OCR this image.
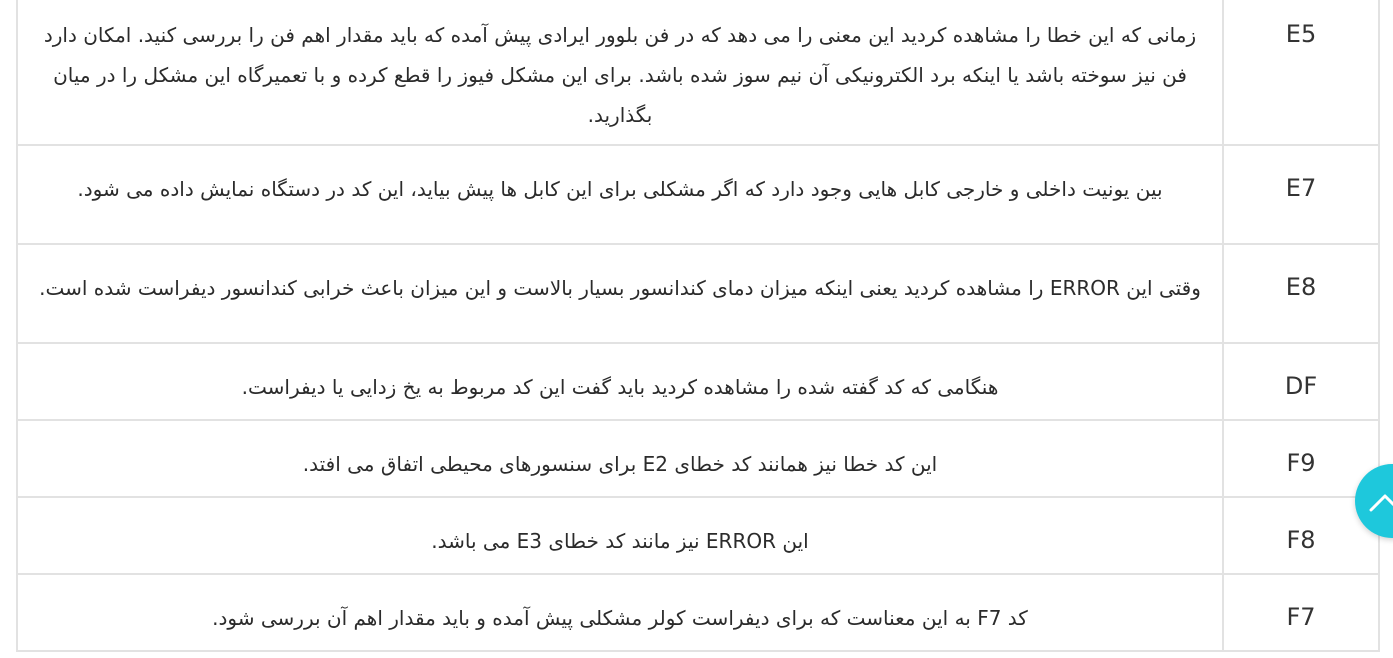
زمانی که این خطا را مشاهده کردید این معنی را می دهد که در فن بلوور ایرادی پیش آمده که باید مقدار اهم فن را بررسی کنید. امکان دارد فن نیز سوخته باشد یا اینکه برد الکترونیکی آن نیم سوز شده باشد. برای این مشکل فیوز را قطع کرده و با تعمیرگاه این مشکل را در میان بگذارید.	E5
بین یونیت داخلی و خارجی کابل هایی وجود دارد که اگر مشکلی برای این کابل ها پیش بیاید، این کد در دستگاه نمایش داده می شود.	E7
وقتی این ERROR را مشاهده کردید یعنی اینکه میزان دمای کندانسور بسیار بالاست و این میزان باعث خرابی کندانسور دیفراست شده است.	E8
هنگامی که کد گفته شده را مشاهده کردید باید گفت این کد مربوط به یخ زدایی یا دیفراست.	DF
این کد خطا نیز همانند کد خطای E2 برای سنسورهای محیطی اتفاق می افتد.	F9
این ERROR نیز مانند کد خطای E3 می باشد.	F8
کد F7 به این معناست که برای دیفراست کولر مشکلی پیش آمده و باید مقدار اهم آن بررسی شود.	F7
